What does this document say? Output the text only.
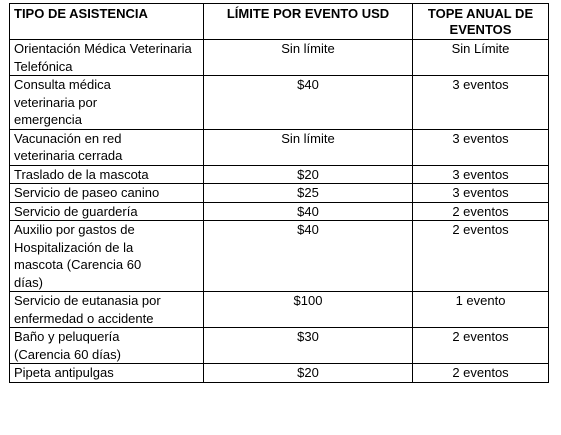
TIPO DE ASISTENCIA	LÍMITE POR EVENTO USD	TOPE ANUAL DE EVENTOS
Orientación Médica Veterinaria Telefónica	Sin límite	Sin Límite

Consulta médica veterinaria por emergencia	$40	3 eventos

Vacunación en red veterinaria cerrada	Sin límite	3 eventos
Traslado de la mascota	$20	3 eventos
Servicio de paseo canino	$25	3 eventos
Servicio de guardería	$40	2 eventos

Auxilio por gastos de Hospitalización de la mascota (Carencia 60 días)	$40	2 eventos

Servicio de eutanasia por enfermedad o accidente	$100	1 evento

Baño y peluquería (Carencia 60 días)	$30	2 eventos
Pipeta antipulgas	$20	2 eventos
